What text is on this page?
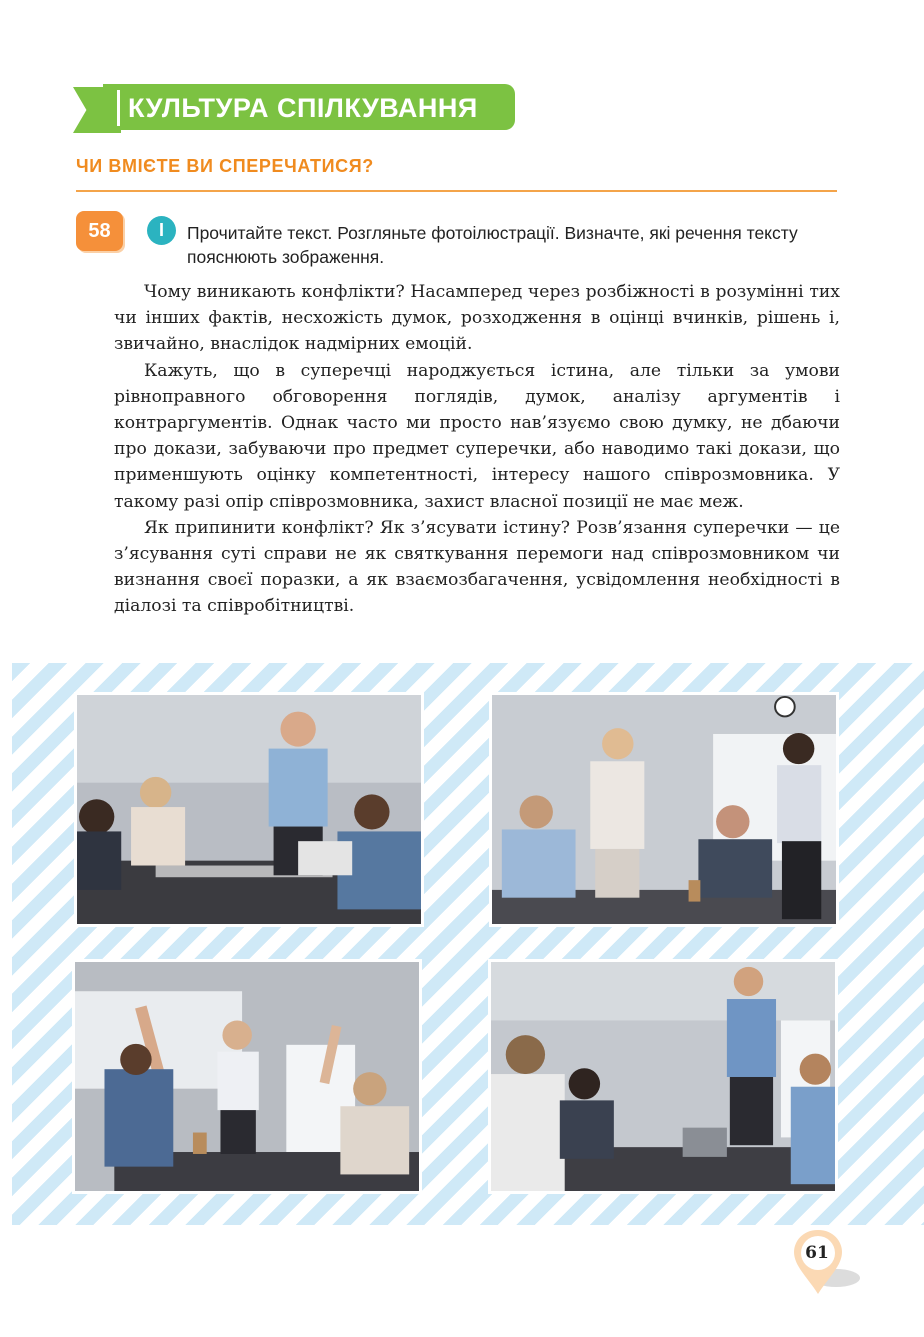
КУЛЬТУРА СПІЛКУВАННЯ
ЧИ ВМІЄТЕ ВИ СПЕРЕЧАТИСЯ?
58	І	Прочитайте текст. Розгляньте фотоілюстрації. Визначте, які речення тексту пояснюють зображення.

Чому виникають конфлікти? Насамперед через розбіжності в розумінні тих чи інших фактів, несхожість думок, розходження в оцінці вчинків, рішень і, звичайно, внаслідок надмірних емоцій.

Кажуть, що в суперечці народжується істина, але тільки за умови рівноправного обговорення поглядів, думок, аналізу аргументів і контраргументів. Однак часто ми просто нав’язуємо свою думку, не дбаючи про докази, забуваючи про предмет суперечки, або наводимо такі докази, що применшують оцінку компетентності, інтересу нашого співрозмовника. У такому разі опір співрозмовника, захист власної позиції не має меж.

Як припинити конфлікт? Як з’ясувати істину? Розв’язання суперечки — це з’ясування суті справи не як святкування перемоги над співрозмовником чи визнання своєї поразки, а як взаємозбагачення, усвідомлення необхідності в діалозі та співробітництві.

61
